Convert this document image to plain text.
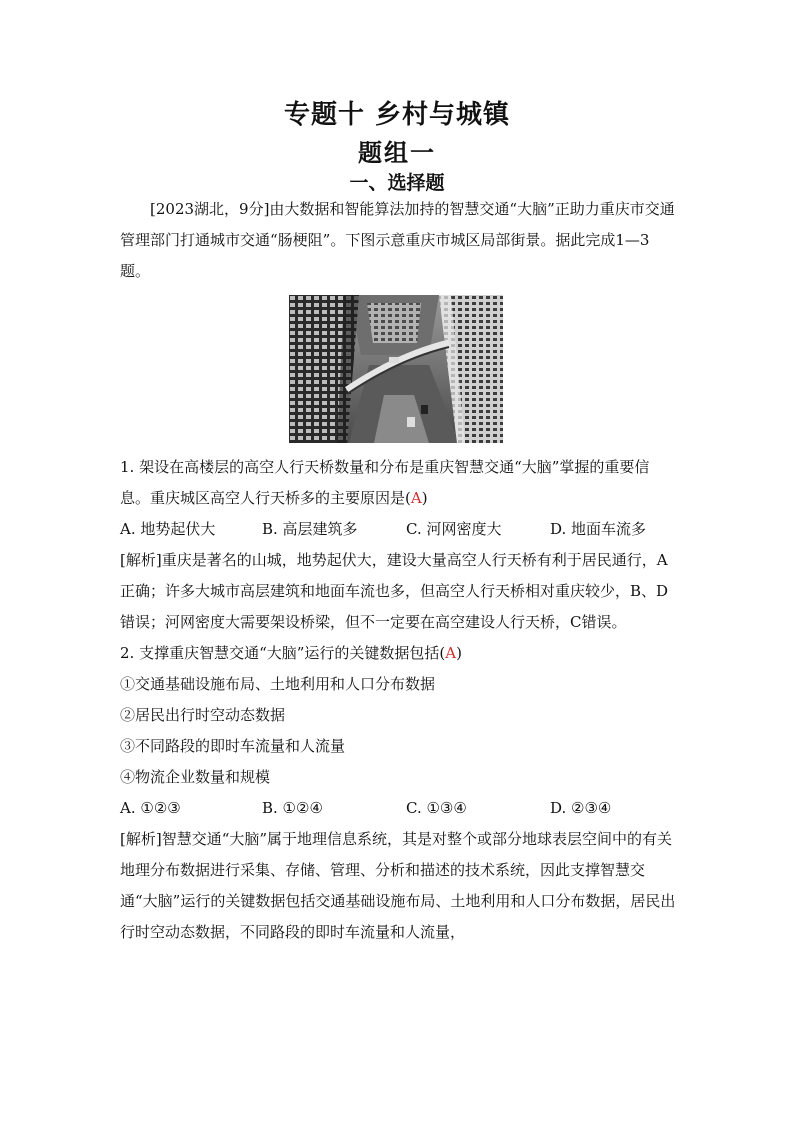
专题十 乡村与城镇
题组一
一、选择题

[2023湖北，9分]由大数据和智能算法加持的智慧交通“大脑”正助力重庆市交通管理部门打通城市交通“肠梗阻”。下图示意重庆市城区局部街景。据此完成1—3题。

1. 架设在高楼层的高空人行天桥数量和分布是重庆智慧交通“大脑”掌握的重要信息。重庆城区高空人行天桥多的主要原因是(A)

A. 地势起伏大	B. 高层建筑多	C. 河网密度大	D. 地面车流多

[解析]重庆是著名的山城，地势起伏大，建设大量高空人行天桥有利于居民通行，A正确；许多大城市高层建筑和地面车流也多，但高空人行天桥相对重庆较少，B、D错误；河网密度大需要架设桥梁，但不一定要在高空建设人行天桥，C错误。

2. 支撑重庆智慧交通“大脑”运行的关键数据包括(A)

①交通基础设施布局、土地利用和人口分布数据

②居民出行时空动态数据

③不同路段的即时车流量和人流量

④物流企业数量和规模

A. ①②③	B. ①②④	C. ①③④	D. ②③④

[解析]智慧交通“大脑”属于地理信息系统，其是对整个或部分地球表层空间中的有关地理分布数据进行采集、存储、管理、分析和描述的技术系统，因此支撑智慧交通“大脑”运行的关键数据包括交通基础设施布局、土地利用和人口分布数据，居民出行时空动态数据，不同路段的即时车流量和人流量，
